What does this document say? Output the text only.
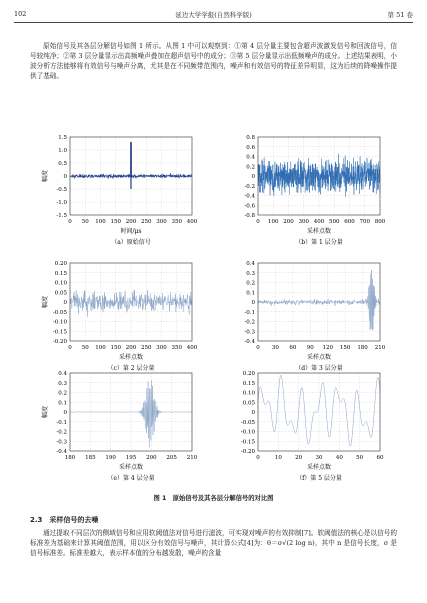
102	延边大学学报(自然科学版)	第 51 卷
原始信号及其各层分解信号如图 1 所示。从图 1 中可以观察到：①第 4 层分量主要包含超声波激发信号和回波信号，信号较纯净；②第 3 层分量显示出高频噪声叠加在超声信号中的成分；③第 5 层分量显示出低频噪声的成分。上述结果表明，小波分析方法能够将有效信号与噪声分离，尤其是在不同频带范围内，噪声和有效信号的特征差异明显，这为后续的降噪操作提供了基础。
0 50 100 150 200 250 300 350 400
1.5
1.0
0.5
0
-0.5
-1.0
-1.5
时间/μs
幅度
（a）原始信号
0 100 200 300 400 500 600 700 800
0.8
0.6
0.4
0.2
0
-0.2
-0.4
-0.6
-0.8
采样点数
（b）第 1 层分量
0 50 100 150 200 250 300 350 400
0.20
0.15
0.10
0.05
0
-0.05
-0.10
-0.15
-0.20
采样点数
幅度
（c）第 2 层分量
0 30 60 90 120 150 180 210
0.4
0.3
0.2
0.1
0
-0.1
-0.2
-0.3
-0.4
采样点数
（d）第 3 层分量
180 185 190 195 200 205 210
0.4
0.3
0.2
0.1
0
-0.1
-0.2
-0.3
-0.4
采样点数
幅度
（e）第 4 层分量
0	10 20 30 40 50 60
0.20
0.15
0.10
0.05
0
-0.05
-0.10
-0.15
-0.20
采样点数
（f）第 5 层分量
图 1　原始信号及其各层分解信号的对比图
2.3　采样信号的去噪
通过提取不同层次的侧域信号和应用软阈值法对信号进行滤波，可实现对噪声的有效抑制[7]。软阈值法的核心是以信号的标准差为基础来计算其阈值范围，用以区分有效信号与噪声，其计算公式[4]为：θ＝σ√(2 log n)，其中 n 是信号长度，σ 是信号标准差。标准差越大，表示样本值的分布越发散，噪声的含量
